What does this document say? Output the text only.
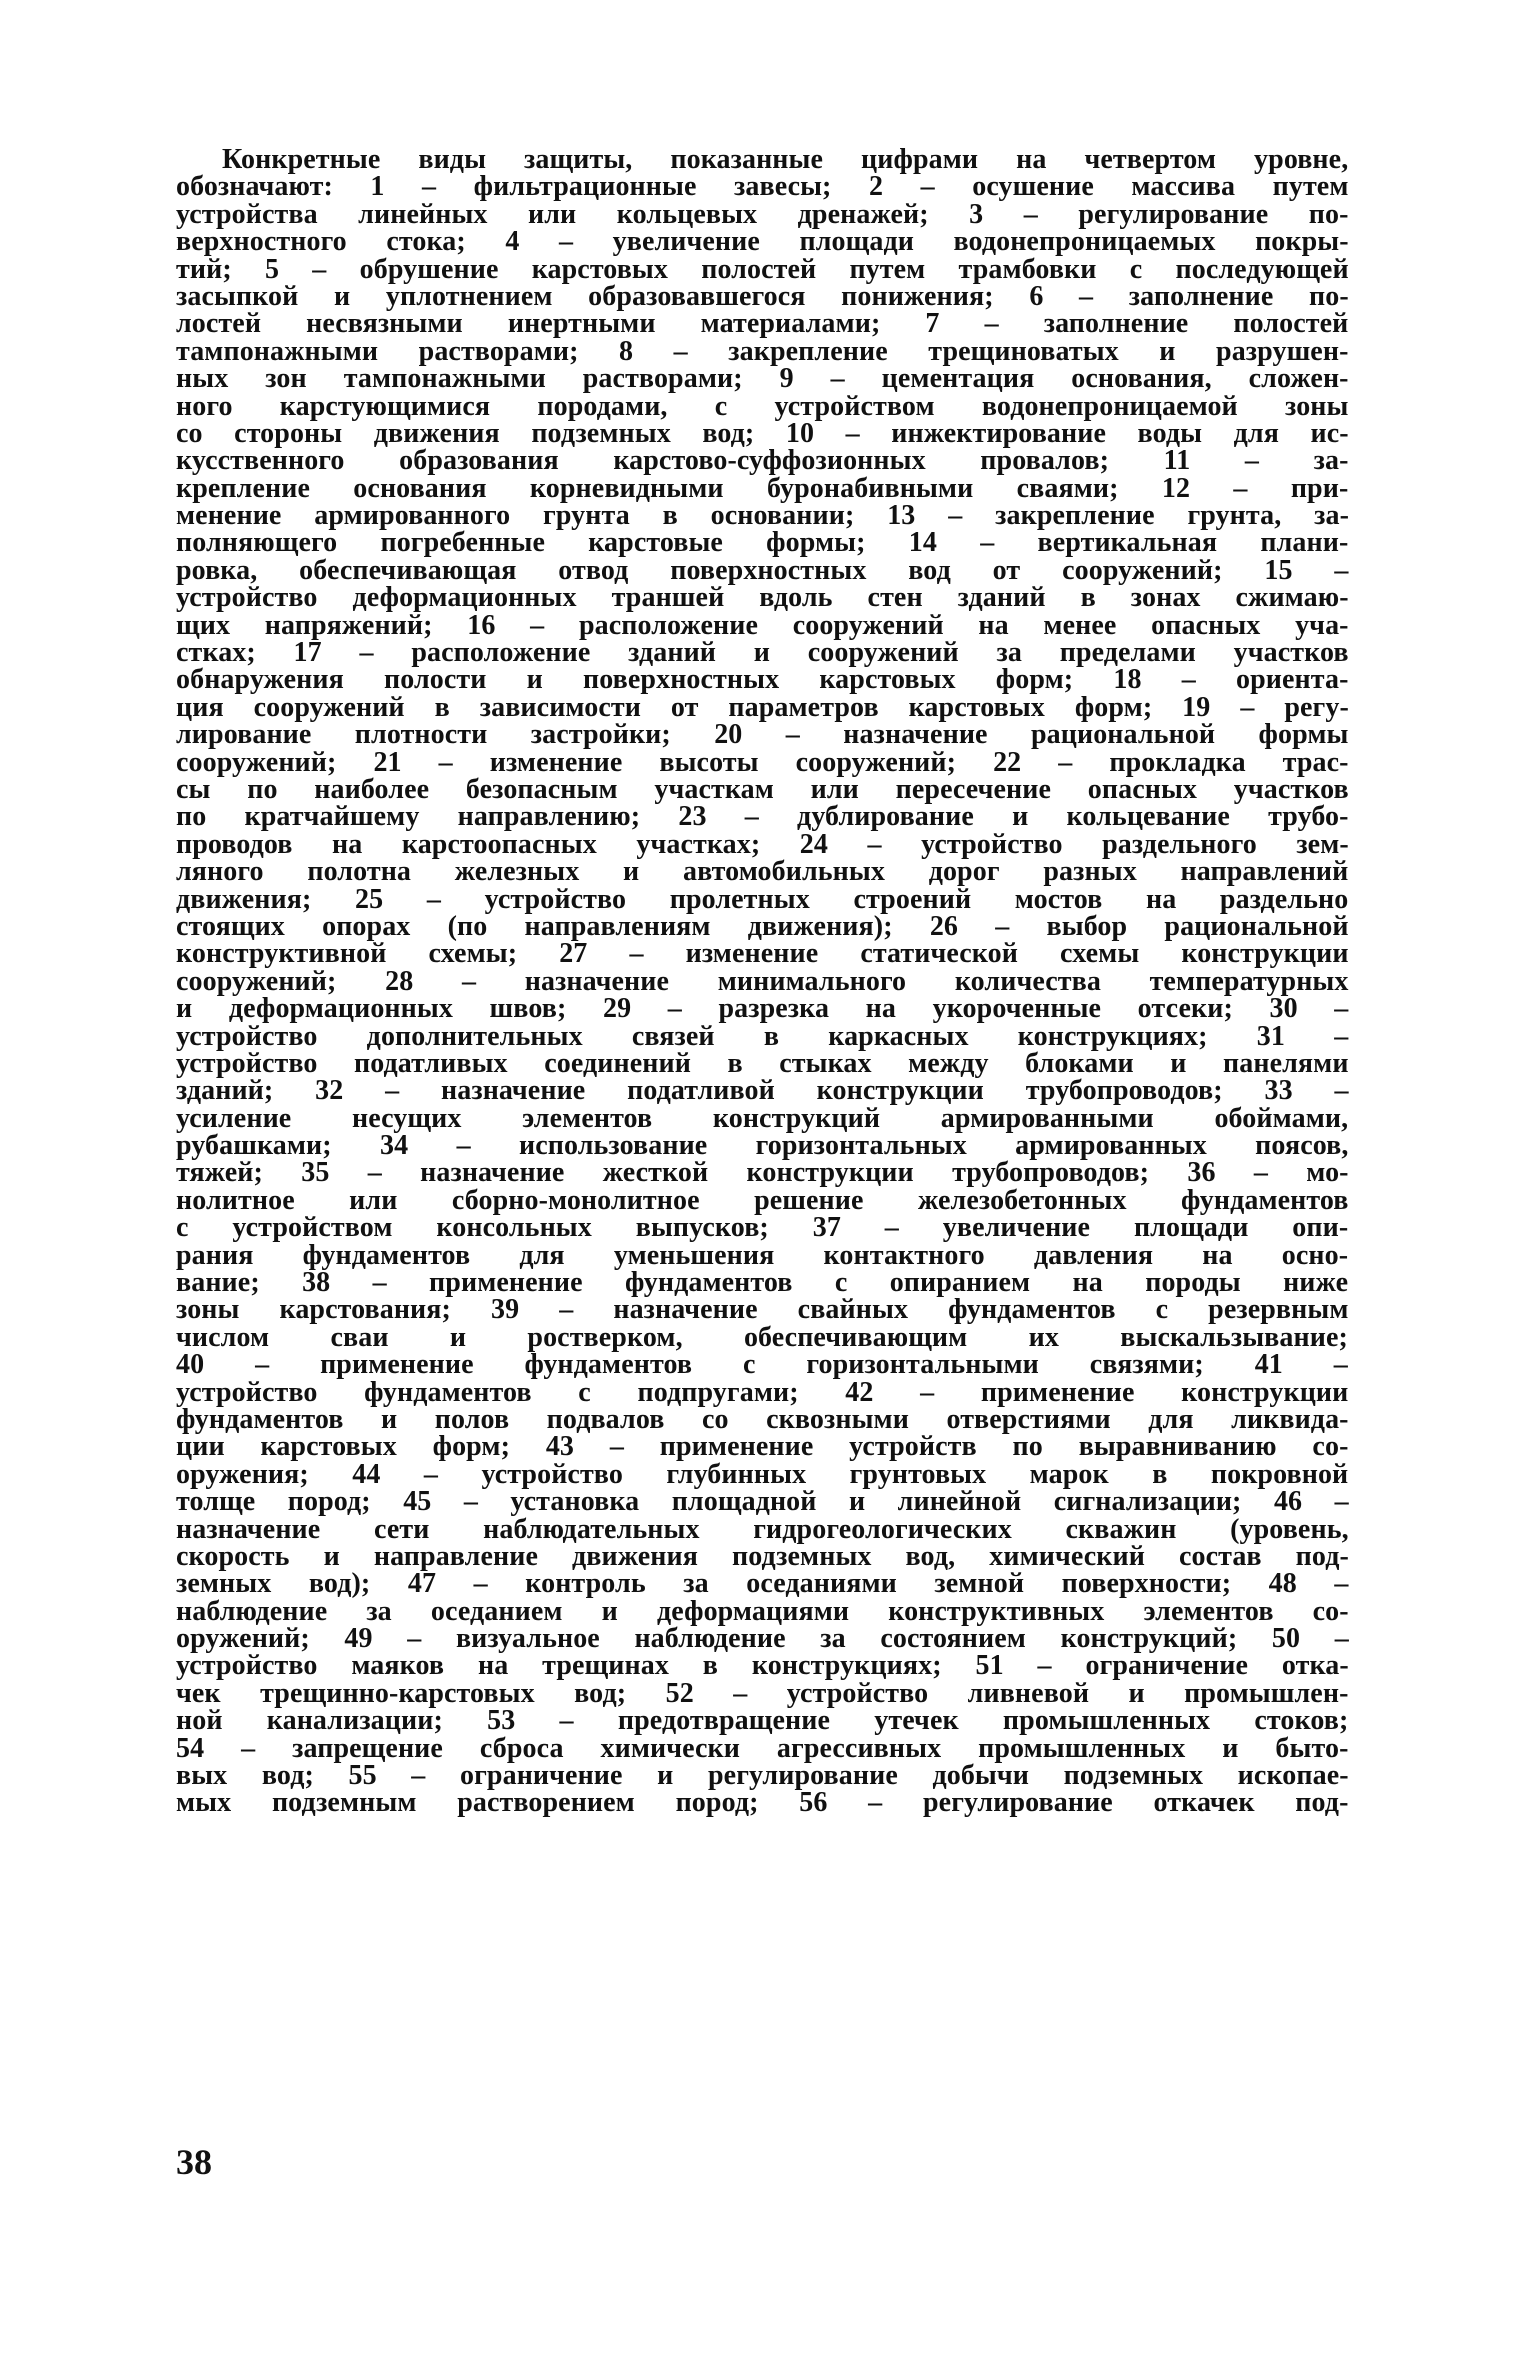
Конкретные виды защиты, показанные цифрами на четвертом уровне,
обозначают: 1 – фильтрационные завесы; 2 – осушение массива путем
устройства линейных или кольцевых дренажей; 3 – регулирование по-
верхностного стока; 4 – увеличение площади водонепроницаемых покры-
тий; 5 – обрушение карстовых полостей путем трамбовки с последующей
засыпкой и уплотнением образовавшегося понижения; 6 – заполнение по-
лостей несвязными инертными материалами; 7 – заполнение полостей
тампонажными растворами; 8 – закрепление трещиноватых и разрушен-
ных зон тампонажными растворами; 9 – цементация основания, сложен-
ного карстующимися породами, с устройством водонепроницаемой зоны
со стороны движения подземных вод; 10 – инжектирование воды для ис-
кусственного образования карстово-суффозионных провалов; 11 – за-
крепление основания корневидными буронабивными сваями; 12 – при-
менение армированного грунта в основании; 13 – закрепление грунта, за-
полняющего погребенные карстовые формы; 14 – вертикальная плани-
ровка, обеспечивающая отвод поверхностных вод от сооружений; 15 –
устройство деформационных траншей вдоль стен зданий в зонах сжимаю-
щих напряжений; 16 – расположение сооружений на менее опасных уча-
стках; 17 – расположение зданий и сооружений за пределами участков
обнаружения полости и поверхностных карстовых форм; 18 – ориента-
ция сооружений в зависимости от параметров карстовых форм; 19 – регу-
лирование плотности застройки; 20 – назначение рациональной формы
сооружений; 21 – изменение высоты сооружений; 22 – прокладка трас-
сы по наиболее безопасным участкам или пересечение опасных участков
по кратчайшему направлению; 23 – дублирование и кольцевание трубо-
проводов на карстоопасных участках; 24 – устройство раздельного зем-
ляного полотна железных и автомобильных дорог разных направлений
движения; 25 – устройство пролетных строений мостов на раздельно
стоящих опорах (по направлениям движения); 26 – выбор рациональной
конструктивной схемы; 27 – изменение статической схемы конструкции
сооружений; 28 – назначение минимального количества температурных
и деформационных швов; 29 – разрезка на укороченные отсеки; 30 –
устройство дополнительных связей в каркасных конструкциях; 31 –
устройство податливых соединений в стыках между блоками и панелями
зданий; 32 – назначение податливой конструкции трубопроводов; 33 –
усиление несущих элементов конструкций армированными обоймами,
рубашками; 34 – использование горизонтальных армированных поясов,
тяжей; 35 – назначение жесткой конструкции трубопроводов; 36 – мо-
нолитное или сборно-монолитное решение железобетонных фундаментов
с устройством консольных выпусков; 37 – увеличение площади опи-
рания фундаментов для уменьшения контактного давления на осно-
вание; 38 – применение фундаментов с опиранием на породы ниже
зоны карстования; 39 – назначение свайных фундаментов с резервным
числом сваи и ростверком, обеспечивающим их выскальзывание;
40 – применение фундаментов с горизонтальными связями; 41 –
устройство фундаментов с подпругами; 42 – применение конструкции
фундаментов и полов подвалов со сквозными отверстиями для ликвида-
ции карстовых форм; 43 – применение устройств по выравниванию со-
оружения; 44 – устройство глубинных грунтовых марок в покровной
толще пород; 45 – установка площадной и линейной сигнализации; 46 –
назначение сети наблюдательных гидрогеологических скважин (уровень,
скорость и направление движения подземных вод, химический состав под-
земных вод); 47 – контроль за оседаниями земной поверхности; 48 –
наблюдение за оседанием и деформациями конструктивных элементов со-
оружений; 49 – визуальное наблюдение за состоянием конструкций; 50 –
устройство маяков на трещинах в конструкциях; 51 – ограничение отка-
чек трещинно-карстовых вод; 52 – устройство ливневой и промышлен-
ной канализации; 53 – предотвращение утечек промышленных стоков;
54 – запрещение сброса химически агрессивных промышленных и быто-
вых вод; 55 – ограничение и регулирование добычи подземных ископае-
мых подземным растворением пород; 56 – регулирование откачек под-
38
